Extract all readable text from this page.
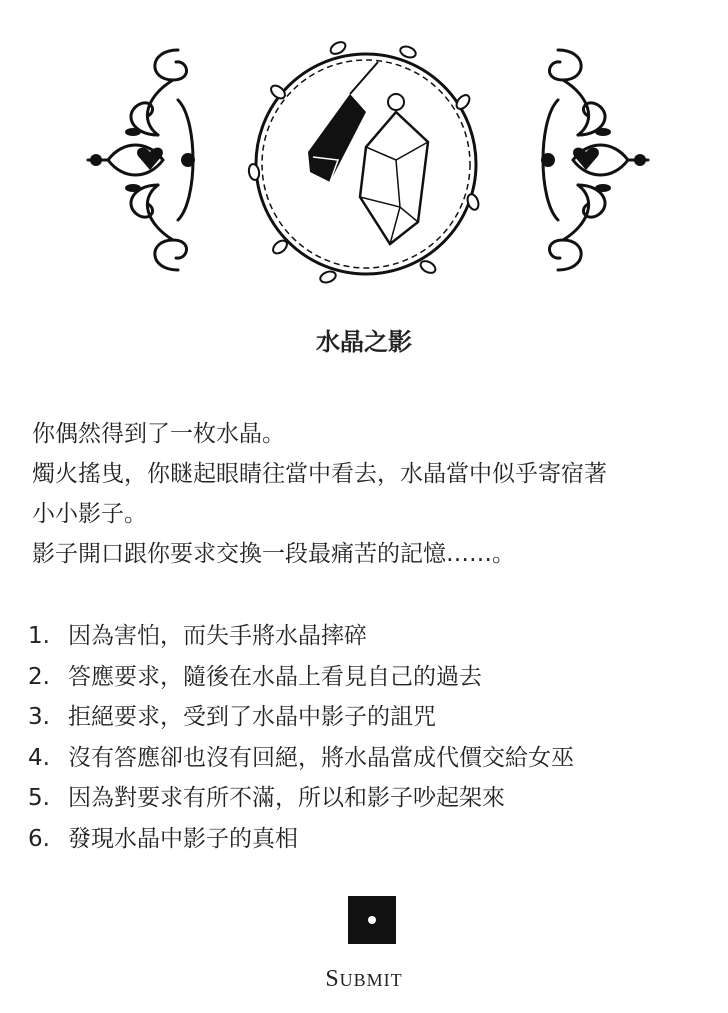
水晶之影

你偶然得到了一枚水晶。

燭火搖曳，你瞇起眼睛往當中看去，水晶當中似乎寄宿著

小小影子。

影子開口跟你要求交換一段最痛苦的記憶……。

1. 因為害怕，而失手將水晶摔碎
2. 答應要求，隨後在水晶上看見自己的過去
3. 拒絕要求，受到了水晶中影子的詛咒
4. 沒有答應卻也沒有回絕，將水晶當成代價交給女巫
5. 因為對要求有所不滿，所以和影子吵起架來
6. 發現水晶中影子的真相
SUBMIT
